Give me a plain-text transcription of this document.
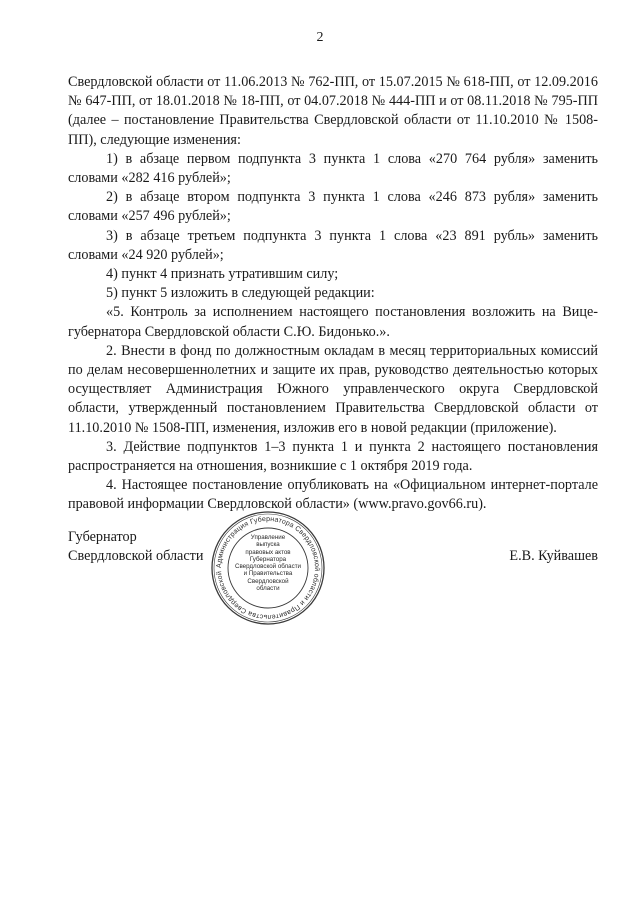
2

Свердловской области от 11.06.2013 № 762-ПП, от 15.07.2015 № 618-ПП, от 12.09.2016 № 647-ПП, от 18.01.2018 № 18-ПП, от 04.07.2018 № 444-ПП и от 08.11.2018 № 795-ПП (далее – постановление Правительства Свердловской области от 11.10.2010 № 1508-ПП), следующие изменения:

1) в абзаце первом подпункта 3 пункта 1 слова «270 764 рубля» заменить словами «282 416 рублей»;

2) в абзаце втором подпункта 3 пункта 1 слова «246 873 рубля» заменить словами «257 496 рублей»;

3) в абзаце третьем подпункта 3 пункта 1 слова «23 891 рубль» заменить словами «24 920 рублей»;

4) пункт 4 признать утратившим силу;

5) пункт 5 изложить в следующей редакции:

«5. Контроль за исполнением настоящего постановления возложить на Вице-губернатора Свердловской области С.Ю. Бидонько.».

2. Внести в фонд по должностным окладам в месяц территориальных комиссий по делам несовершеннолетних и защите их прав, руководство деятельностью которых осуществляет Администрация Южного управленческого округа Свердловской области, утвержденный постановлением Правительства Свердловской области от 11.10.2010 № 1508-ПП, изменения, изложив его в новой редакции (приложение).

3. Действие подпунктов 1–3 пункта 1 и пункта 2 настоящего постановления распространяется на отношения, возникшие с 1 октября 2019 года.

4. Настоящее постановление опубликовать на «Официальном интернет-портале правовой информации Свердловской области» (www.pravo.gov66.ru).

Губернатор
Свердловской области
Администрация Губернатора Свердловской области и Правительства Свердловской
Управление
выпуска
правовых актов
Губернатора
Свердловской области
и Правительства
Свердловской
области
Е.В. Куйвашев
